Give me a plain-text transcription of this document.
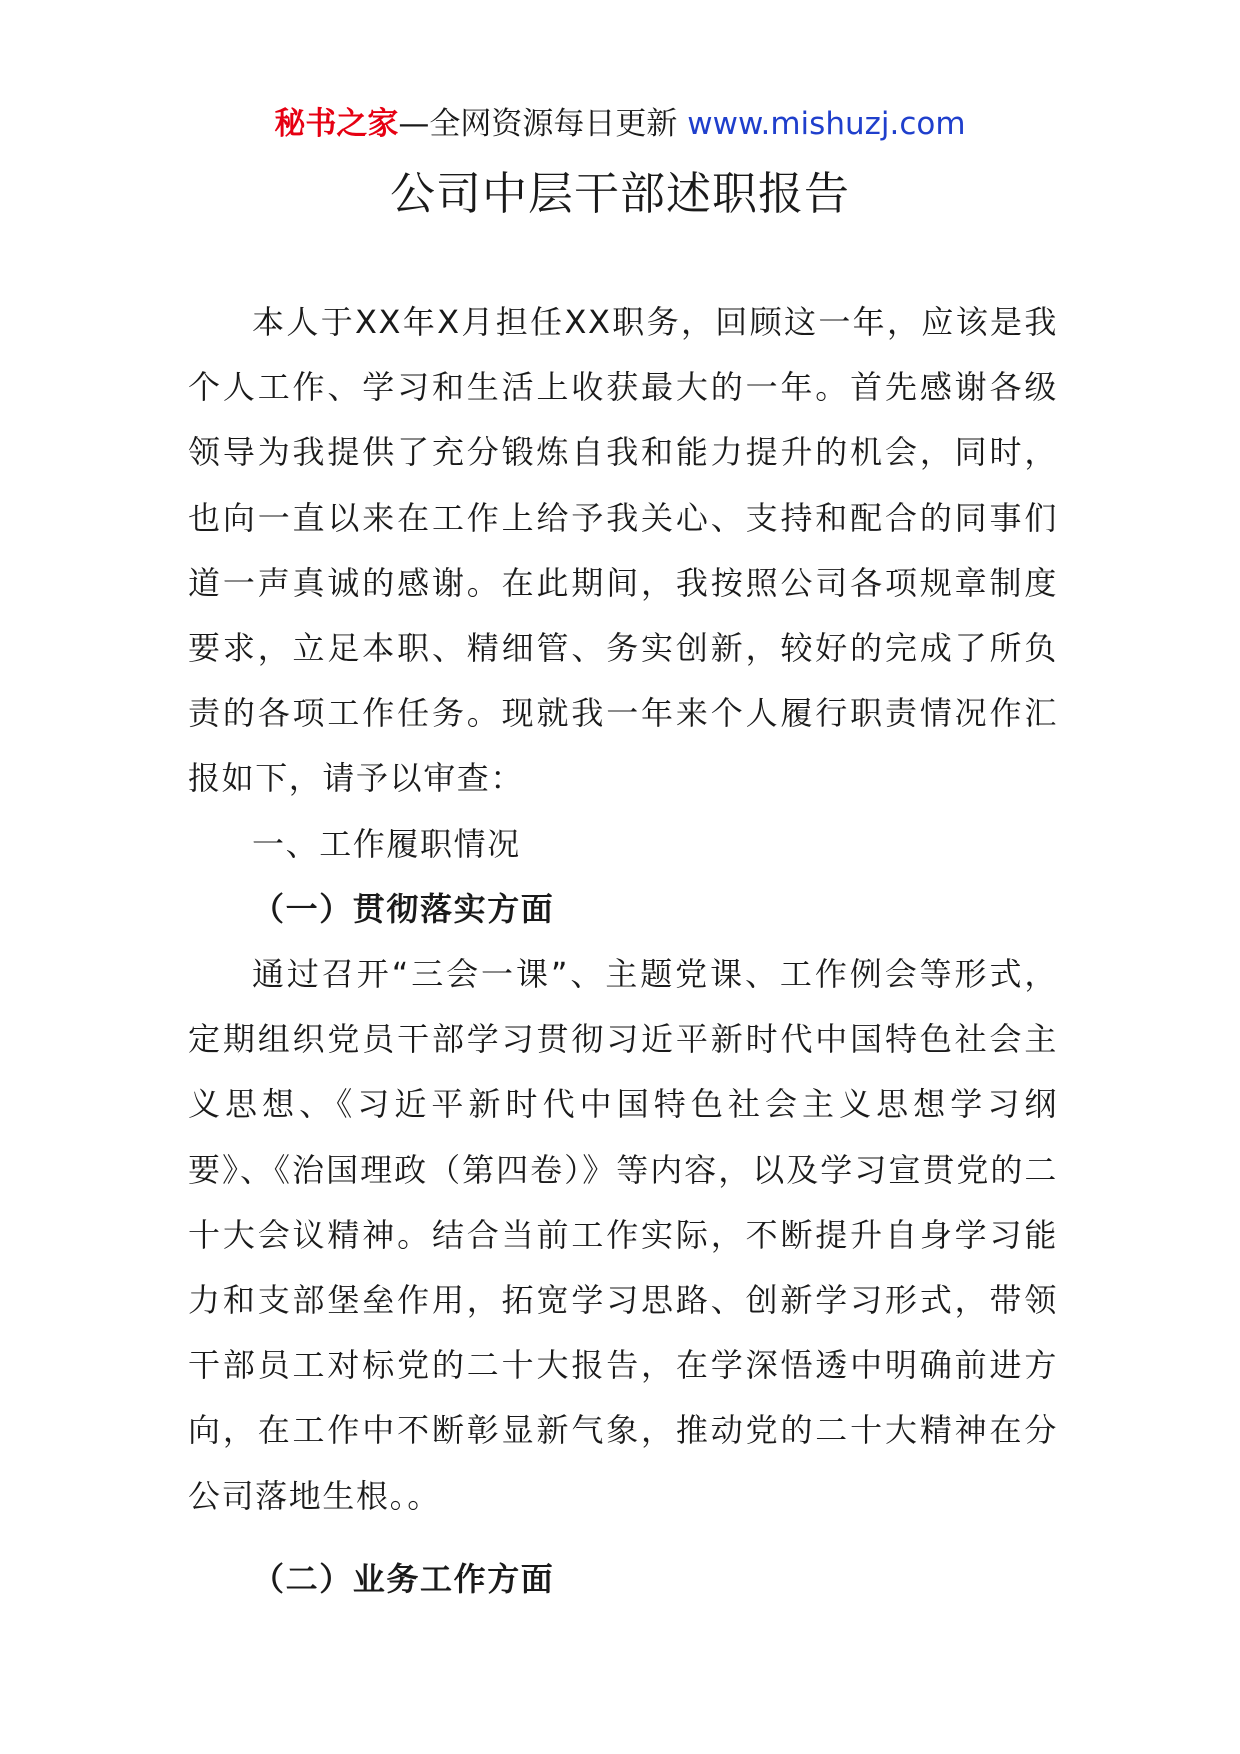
秘书之家—全网资源每日更新 www.mishuzj.com
公司中层干部述职报告

本人于XX年X月担任XX职务，回顾这一年，应该是我个人工作、学习和生活上收获最大的一年。首先感谢各级领导为我提供了充分锻炼自我和能力提升的机会，同时，也向一直以来在工作上给予我关心、支持和配合的同事们道一声真诚的感谢。在此期间，我按照公司各项规章制度要求，立足本职、精细管、务实创新，较好的完成了所负责的各项工作任务。现就我一年来个人履行职责情况作汇报如下，请予以审查：

一、工作履职情况

（一）贯彻落实方面

通过召开“三会一课”、主题党课、工作例会等形式，定期组织党员干部学习贯彻习近平新时代中国特色社会主义思想、《习近平新时代中国特色社会主义思想学习纲要》、《治国理政（第四卷）》等内容，以及学习宣贯党的二十大会议精神。结合当前工作实际，不断提升自身学习能力和支部堡垒作用，拓宽学习思路、创新学习形式，带领干部员工对标党的二十大报告，在学深悟透中明确前进方向，在工作中不断彰显新气象，推动党的二十大精神在分公司落地生根。。

（二）业务工作方面
